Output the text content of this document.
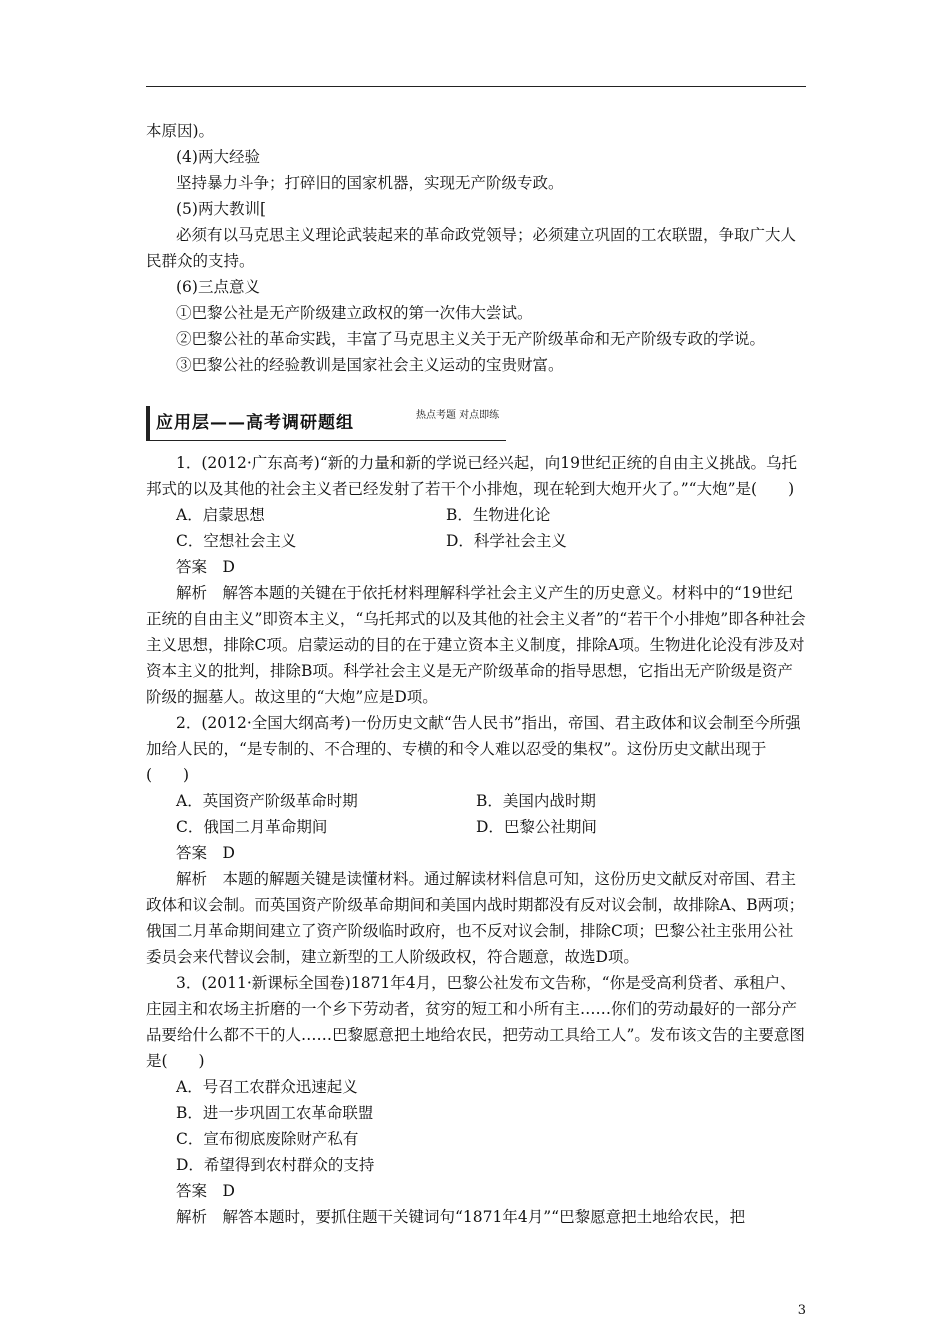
本原因)。

(4)两大经验

坚持暴力斗争；打碎旧的国家机器，实现无产阶级专政。

(5)两大教训[

必须有以马克思主义理论武装起来的革命政党领导；必须建立巩固的工农联盟，争取广大人民群众的支持。

(6)三点意义

①巴黎公社是无产阶级建立政权的第一次伟大尝试。

②巴黎公社的革命实践，丰富了马克思主义关于无产阶级革命和无产阶级专政的学说。

③巴黎公社的经验教训是国家社会主义运动的宝贵财富。

应用层——高考调研题组	热点考题 对点即练

1．(2012·广东高考)“新的力量和新的学说已经兴起，向19世纪正统的自由主义挑战。乌托邦式的以及其他的社会主义者已经发射了若干个小排炮，现在轮到大炮开火了。”“大炮”是(　　)

A．启蒙思想	B．生物进化论
C．空想社会主义	D．科学社会主义

答案　D

解析　解答本题的关键在于依托材料理解科学社会主义产生的历史意义。材料中的“19世纪正统的自由主义”即资本主义，“乌托邦式的以及其他的社会主义者”的“若干个小排炮”即各种社会主义思想，排除C项。启蒙运动的目的在于建立资本主义制度，排除A项。生物进化论没有涉及对资本主义的批判，排除B项。科学社会主义是无产阶级革命的指导思想，它指出无产阶级是资产阶级的掘墓人。故这里的“大炮”应是D项。

2．(2012·全国大纲高考)一份历史文献“告人民书”指出，帝国、君主政体和议会制至今所强加给人民的，“是专制的、不合理的、专横的和令人难以忍受的集权”。这份历史文献出现于(　　)

A．英国资产阶级革命时期	B．美国内战时期
C．俄国二月革命期间	D．巴黎公社期间

答案　D

解析　本题的解题关键是读懂材料。通过解读材料信息可知，这份历史文献反对帝国、君主政体和议会制。而英国资产阶级革命期间和美国内战时期都没有反对议会制，故排除A、B两项；俄国二月革命期间建立了资产阶级临时政府，也不反对议会制，排除C项；巴黎公社主张用公社委员会来代替议会制，建立新型的工人阶级政权，符合题意，故选D项。

3．(2011·新课标全国卷)1871年4月，巴黎公社发布文告称，“你是受高利贷者、承租户、庄园主和农场主折磨的一个乡下劳动者，贫穷的短工和小所有主……你们的劳动最好的一部分产品要给什么都不干的人……巴黎愿意把土地给农民，把劳动工具给工人”。发布该文告的主要意图是(　　)

A．号召工农群众迅速起义

B．进一步巩固工农革命联盟

C．宣布彻底废除财产私有

D．希望得到农村群众的支持

答案　D

解析　解答本题时，要抓住题干关键词句“1871年4月”“巴黎愿意把土地给农民，把

3
